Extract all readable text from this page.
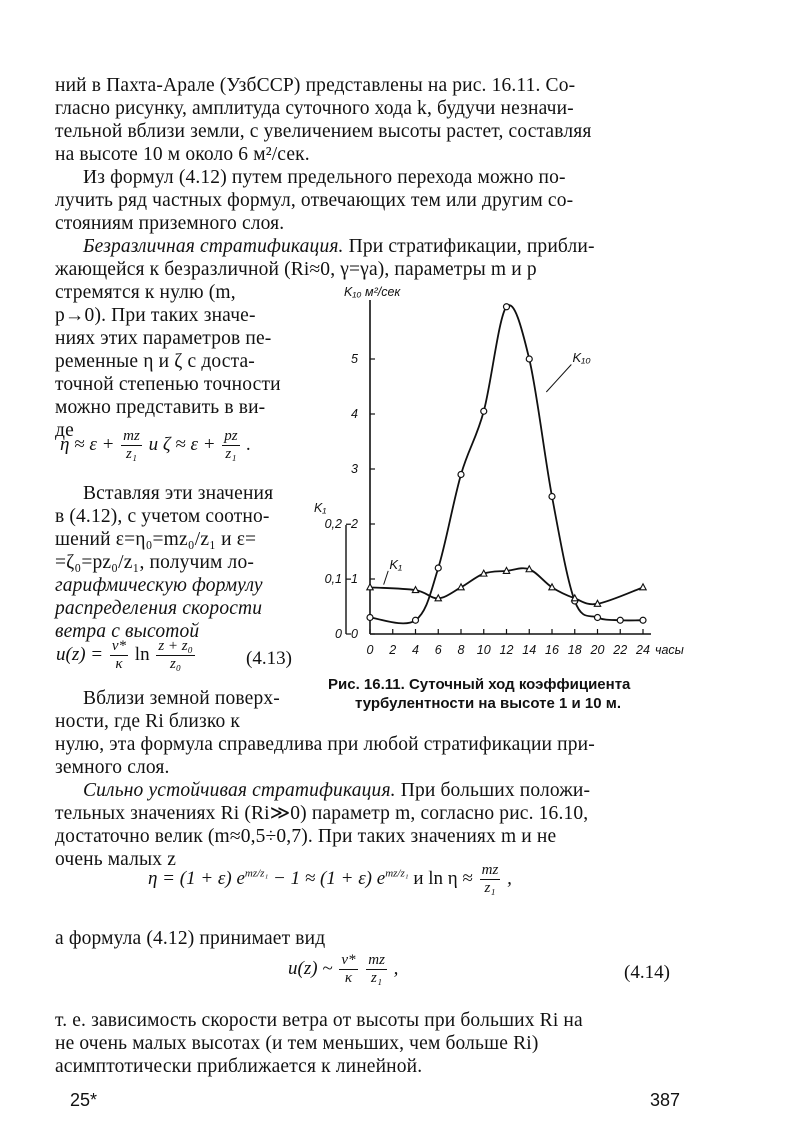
ний в Пахта-Арале (УзбССР) представлены на рис. 16.11. Со-
гласно рисунку, амплитуда суточного хода k, будучи незначи-
тельной вблизи земли, с увеличением высоты растет, составляя
на высоте 10 м около 6 м²/сек.
Из формул (4.12) путем предельного перехода можно по-
лучить ряд частных формул, отвечающих тем или другим со-
стояниям приземного слоя.
Безразличная стратификация. При стратификации, прибли-
жающейся к безразличной (Ri≈0, γ=γa), параметры m и p
стремятся к нулю (m,
p→0). При таких значе-
ниях этих параметров пе-
ременные η и ζ с доста-
точной степенью точности
можно представить в ви-
де
$\eta \approx \varepsilon + \frac{mz}{\text{z₁}}$ и $\zeta \approx \varepsilon + \frac{pz}{\text{z₁}}$ .
Вставляя эти значения
в (4.12), с учетом соотно-
шений ε=η₀=mz₀/z₁ и ε=
=ζ₀=pz₀/z₁, получим ло-
гарифмическую формулу
распределения скорости
ветра с высотой
$u(z) = \frac{v*}{\kappa}$ $\ln \frac{\text{z + z₀}}{\text{z₀}}$	(4.13)
Вблизи земной поверх-
ности, где Ri близко к
нулю, эта формула справедлива при любой стратификации при-
земного слоя.
Сильно устойчивая стратификация. При больших положи-
тельных значениях Ri (Ri≫0) параметр m, согласно рис. 16.10,
достаточно велик (m≈0,5÷0,7). При таких значениях m и не
очень малых z
η = (1 + ε) $e^{mz/z_1} - 1 \approx (1 + \varepsilon)$ $e^{mz/z_1}$ и $\ln \eta \approx \frac{mz}{\text{z₁}}$ ,
а формула (4.12) принимает вид
u(z) ~ $\frac{v*}{\kappa}$
$\frac{mz}{\text{z₁}}$ ,	(4.14)
т. е. зависимость скорости ветра от высоты при больших Ri на
не очень малых высотах (и тем меньших, чем больше Ri)
асимптотически приближается к линейной.
25*	387
0 2 4 6 8 10 12 14 16 18 20 22 24 часы
0
1
2
3
4
5
K₁₀ м²/сек
0
0,1
0,2
K₁
K₁₀
K₁
Рис. 16.11. Суточный ход коэффициента
турбулентности на высоте 1 и 10 м.
